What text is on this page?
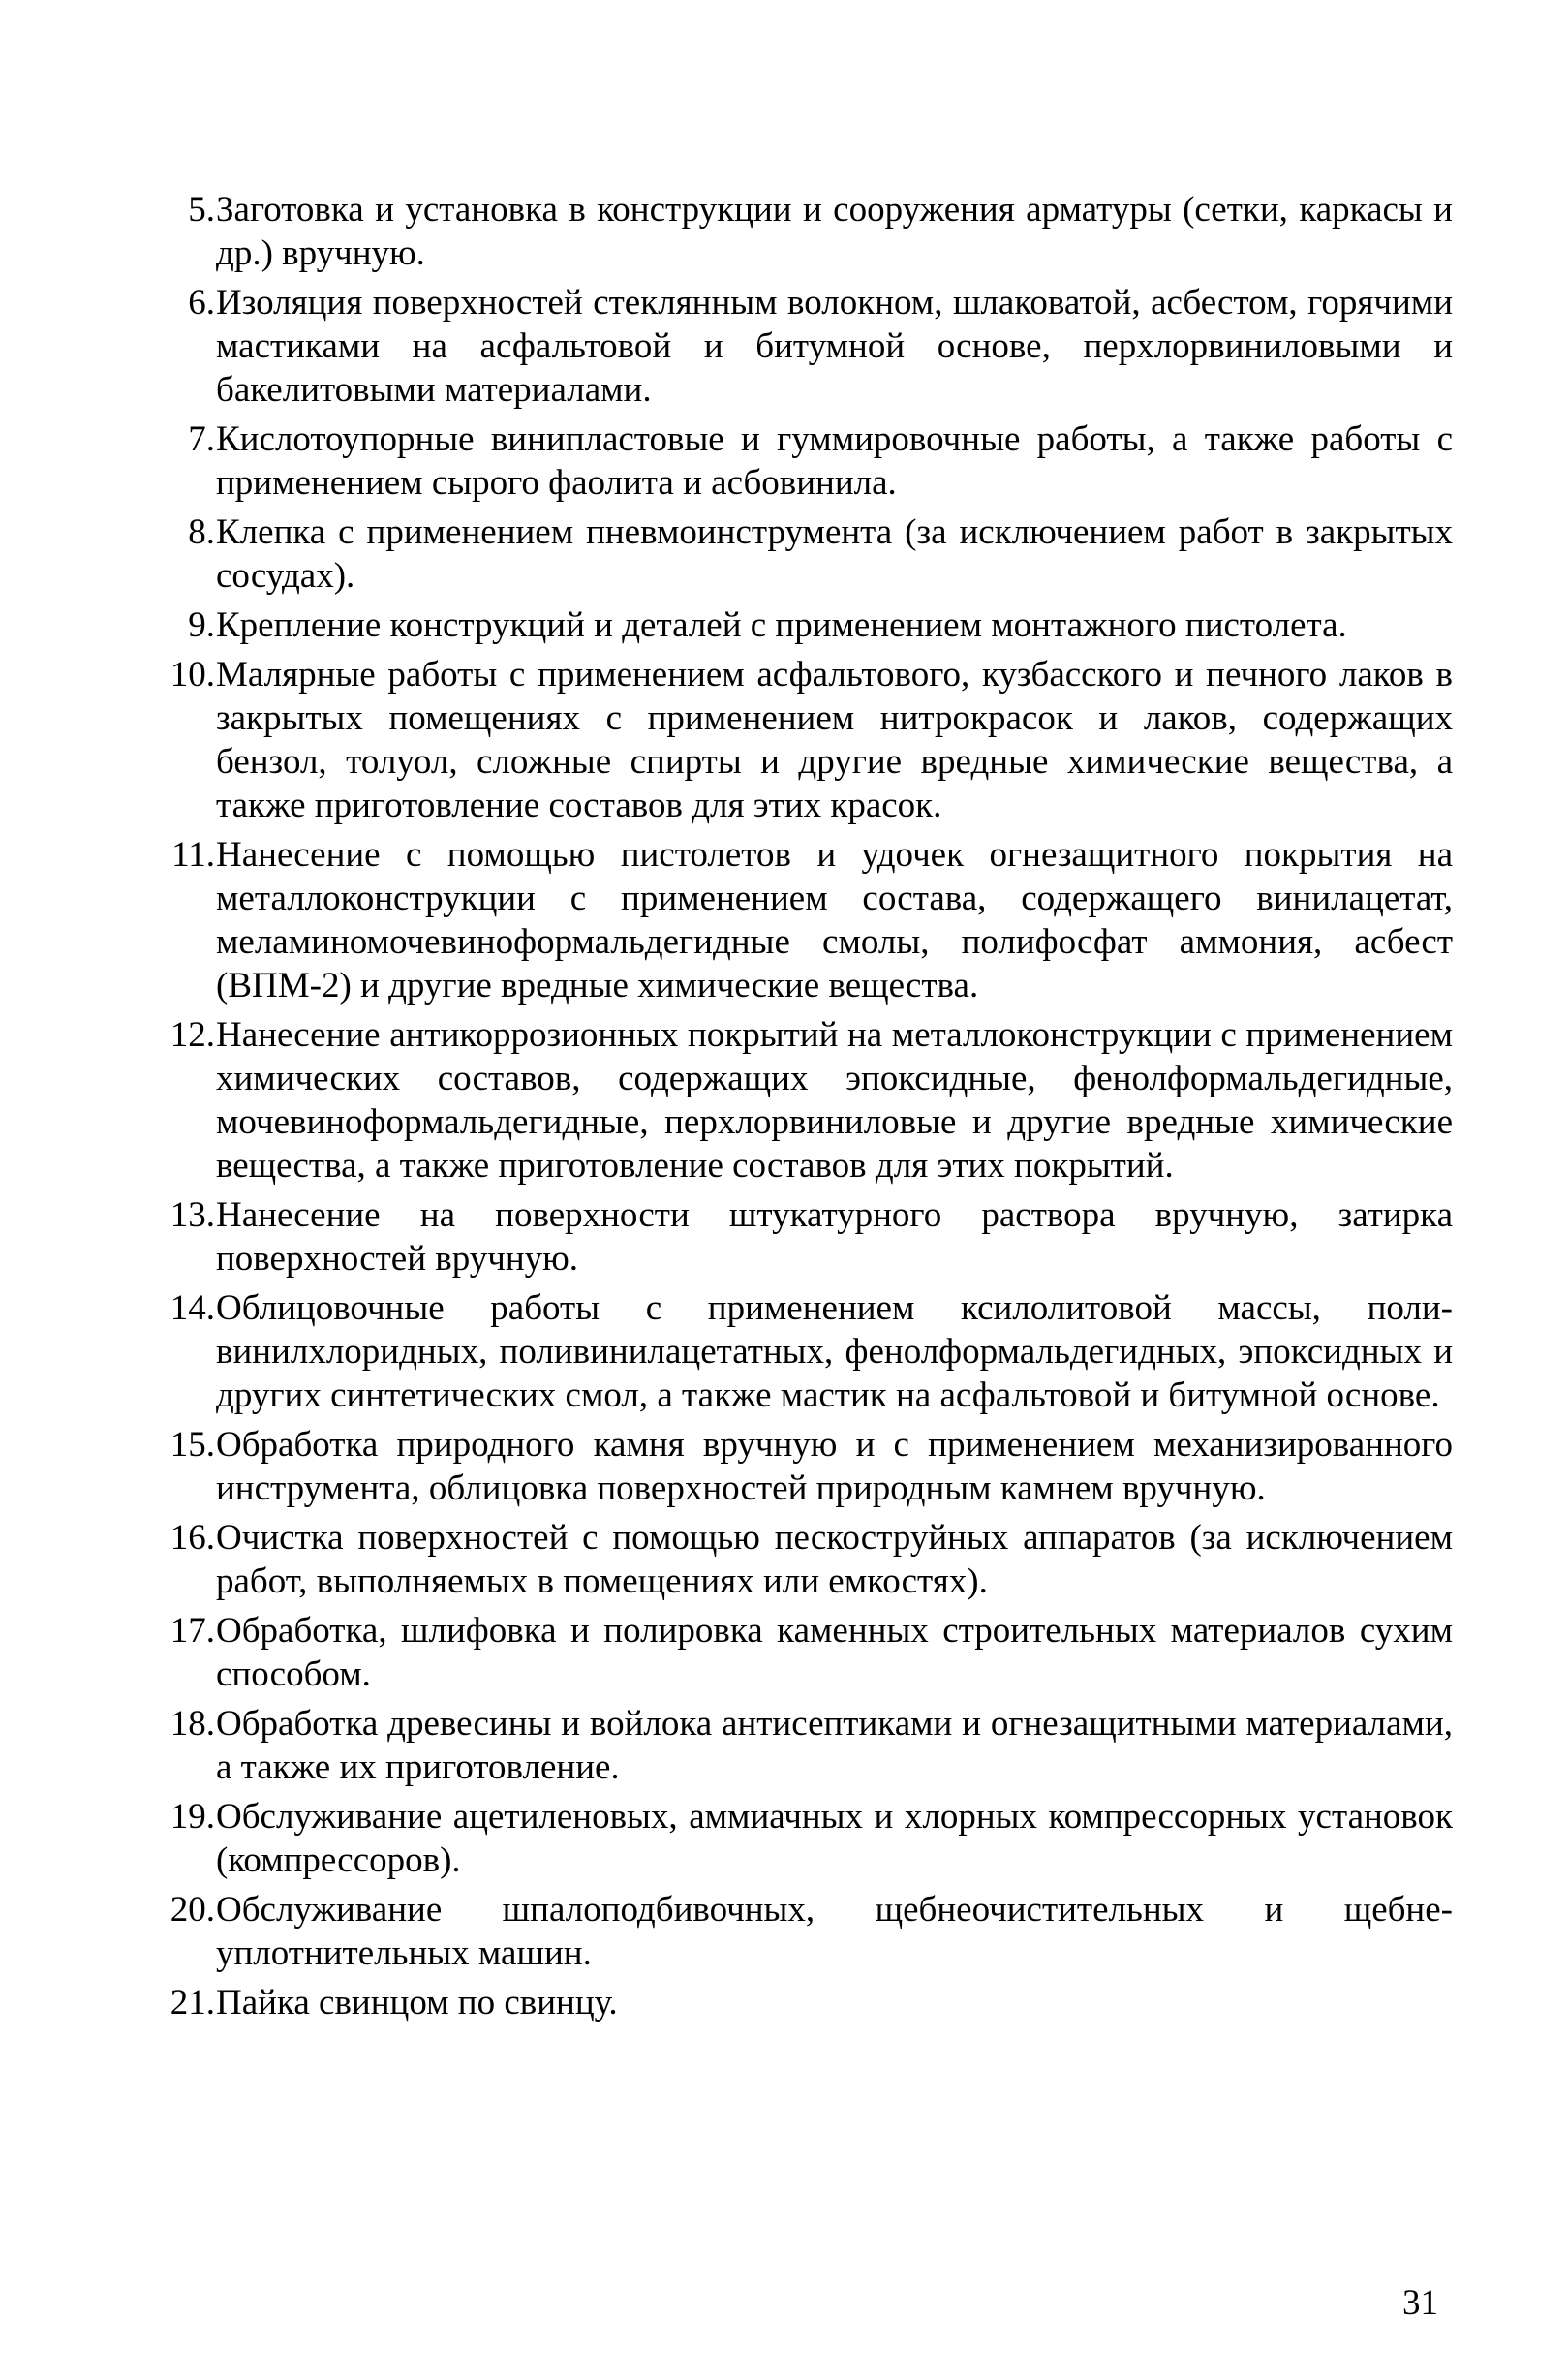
5. Заготовка и установка в конструкции и сооружения арматуры (сетки, каркасы и др.) вручную.
6. Изоляция поверхностей стеклянным волокном, шлаковатой, асбестом, горячими мастиками на асфальтовой и битумной основе, перхлорвиниловыми и бакелитовыми материалами.
7. Кислотоупорные винипластовые и гуммировочные работы, а также работы с применением сырого фаолита и асбовинила.
8. Клепка с применением пневмоинструмента (за исключением работ в закрытых сосудах).
9. Крепление конструкций и деталей с применением монтажного пистолета.
10. Малярные работы с применением асфальтового, кузбасского и печного лаков в закрытых помещениях с применением нитрокрасок и лаков, содержащих бензол, толуол, сложные спирты и другие вредные химические вещества, а также приготовление составов для этих красок.
11. Нанесение с помощью пистолетов и удочек огнезащитного покрытия на металлоконструкции с применением состава, содержащего винилацетат, меламиномочевиноформальдегидные смолы, полифосфат аммония, асбест (ВПМ-2) и другие вредные химические вещества.
12. Нанесение антикоррозионных покрытий на металлоконструкции с применением химических составов, содержащих эпоксидные, фенолформальдегидные, мочевиноформальдегидные, перхлорвиниловые и другие вредные химические вещества, а также приготовление составов для этих покрытий.
13. Нанесение на поверхности штукатурного раствора вручную, затирка поверхностей вручную.
14. Облицовочные работы с применением ксилолитовой массы, поливинилхлоридных, поливинилацетатных, фенолформальдегидных, эпоксидных и других синтетических смол, а также мастик на асфальтовой и битумной основе.
15. Обработка природного камня вручную и с применением механизированного инструмента, облицовка поверхностей природным камнем вручную.
16. Очистка поверхностей с помощью пескоструйных аппаратов (за исключением работ, выполняемых в помещениях или емкостях).
17. Обработка, шлифовка и полировка каменных строительных материалов сухим способом.
18. Обработка древесины и войлока антисептиками и огнезащитными материалами, а также их приготовление.
19. Обслуживание ацетиленовых, аммиачных и хлорных компрессорных установок (компрессоров).
20. Обслуживание шпалоподбивочных, щебнеочистительных и щебнеуплотнительных машин.
21. Пайка свинцом по свинцу.
31
